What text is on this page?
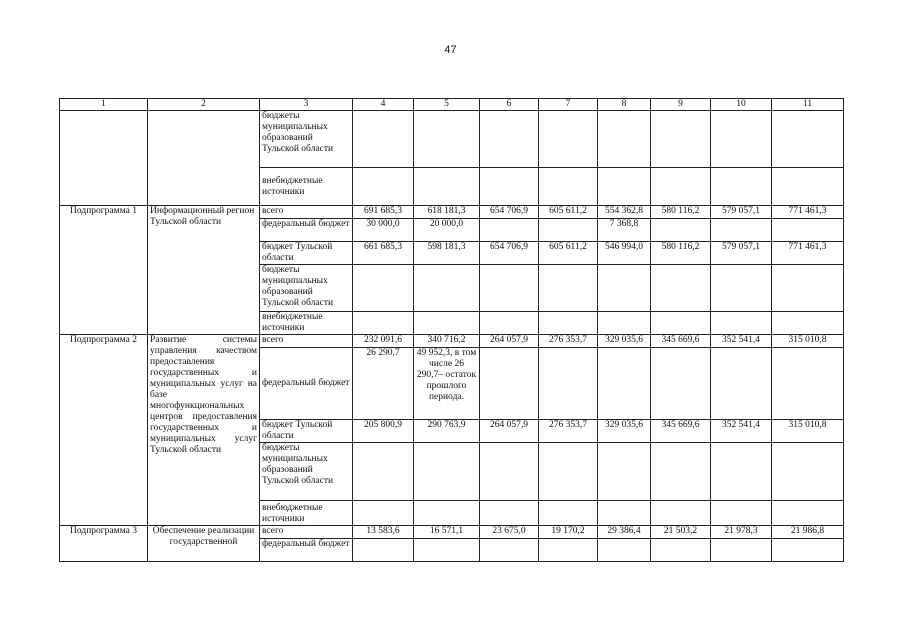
47
1	2	3	4	5	6	7	8	9	10	11
		бюджеты муниципальных образований Тульской области								
		внебюджетные источники								
Подпрограмма 1	Информационный регион Тульской области	всего	691 685,3	618 181,3	654 706,9	605 611,2	554 362,8	580 116,2	579 057,1	771 461,3
		федеральный бюджет	30 000,0	20 000,0			7 368,8			
		бюджет Тульской области	661 685,3	598 181,3	654 706,9	605 611,2	546 994,0	580 116,2	579 057,1	771 461,3
		бюджеты муниципальных образований Тульской области								
		внебюджетные источники								
Подпрограмма 2	Развитие системы управления качеством предоставления государственных и муниципальных услуг на базе многофункциональных центров предоставления государственных и муниципальных услуг Тульской области	всего	232 091,6	340 716,2	264 057,9	276 353,7	329 035,6	345 669,6	352 541,4	315 010,8
		федеральный бюджет	26 290,7	49 952,3, в том числе 26 290,7– остаток прошлого периода.						
		бюджет Тульской области	205 800,9	290 763,9	264 057,9	276 353,7	329 035,6	345 669,6	352 541,4	315 010,8
		бюджеты муниципальных образований Тульской области								
		внебюджетные источники								
Подпрограмма 3	Обеспечение реализации государственной	всего	13 583,6	16 571,1	23 675,0	19 170,2	29 386,4	21 503,2	21 978,3	21 986,8
		федеральный бюджет								
